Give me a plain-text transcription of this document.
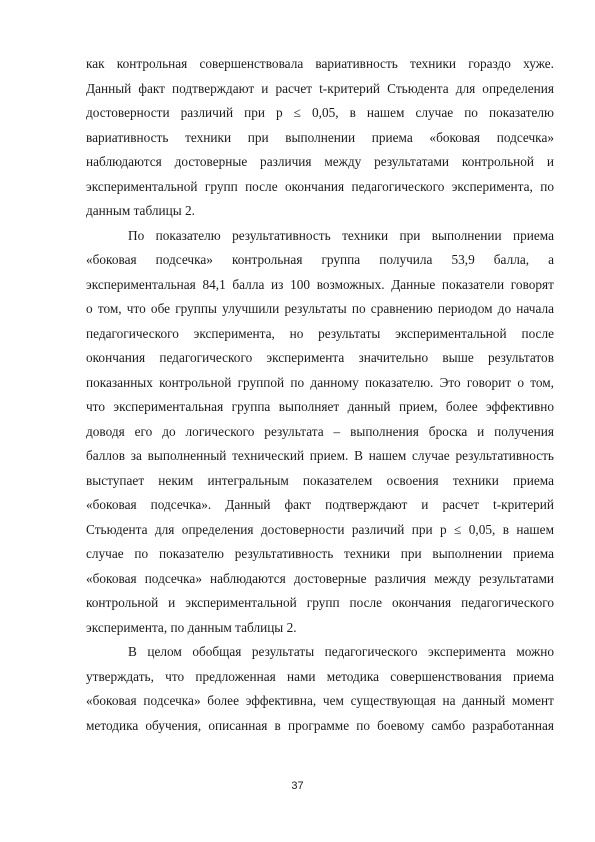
как контрольная совершенствовала вариативность техники гораздо хуже.

Данный факт подтверждают и расчет t-критерий Стьюдента для определения

достоверности различий при p ≤ 0,05, в нашем случае по показателю

вариативность техники при выполнении приема «боковая подсечка»

наблюдаются достоверные различия между результатами контрольной и

экспериментальной групп после окончания педагогического эксперимента, по

данным таблицы 2.

По показателю результативность техники при выполнении приема

«боковая подсечка» контрольная группа получила 53,9 балла, а

экспериментальная 84,1 балла из 100 возможных. Данные показатели говорят

о том, что обе группы улучшили результаты по сравнению периодом до начала

педагогического эксперимента, но результаты экспериментальной после

окончания педагогического эксперимента значительно выше результатов

показанных контрольной группой по данному показателю. Это говорит о том,

что экспериментальная группа выполняет данный прием, более эффективно

доводя его до логического результата – выполнения броска и получения

баллов за выполненный технический прием. В нашем случае результативность

выступает неким интегральным показателем освоения техники приема

«боковая подсечка». Данный факт подтверждают и расчет t-критерий

Стьюдента для определения достоверности различий при p ≤ 0,05, в нашем

случае по показателю результативность техники при выполнении приема

«боковая подсечка» наблюдаются достоверные различия между результатами

контрольной и экспериментальной групп после окончания педагогического

эксперимента, по данным таблицы 2.

В целом обобщая результаты педагогического эксперимента можно

утверждать, что предложенная нами методика совершенствования приема

«боковая подсечка» более эффективна, чем существующая на данный момент

методика обучения, описанная в программе по боевому самбо разработанная

37
